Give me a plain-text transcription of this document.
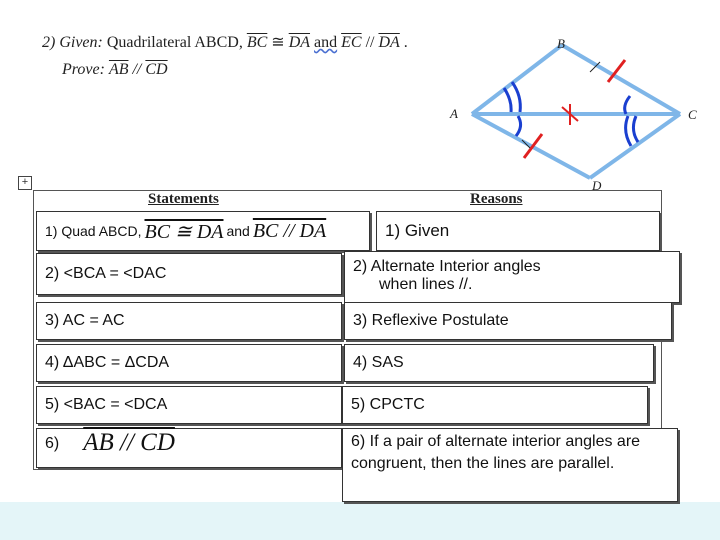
2) Given: Quadrilateral ABCD, $\overline{BC}$ ≅ $\overline{DA}$ and $\overline{EC} // \overline{DA}$ .
Prove: $\overline{AB} // \overline{CD}$
A
B
C
D
+
Statements	Reasons
1) Quad ABCD, BC ≅ DA and BC // DA	1) Given
2) <BCA = <DAC	2) Alternate Interior angles
when lines //.
3) AC = AC	3) Reflexive Postulate
4) ΔABC = ΔCDA	4) SAS
5) <BAC = <DCA	5) CPCTC
6) AB // CD	6) If a pair of alternate interior angles are congruent, then the lines are parallel.
